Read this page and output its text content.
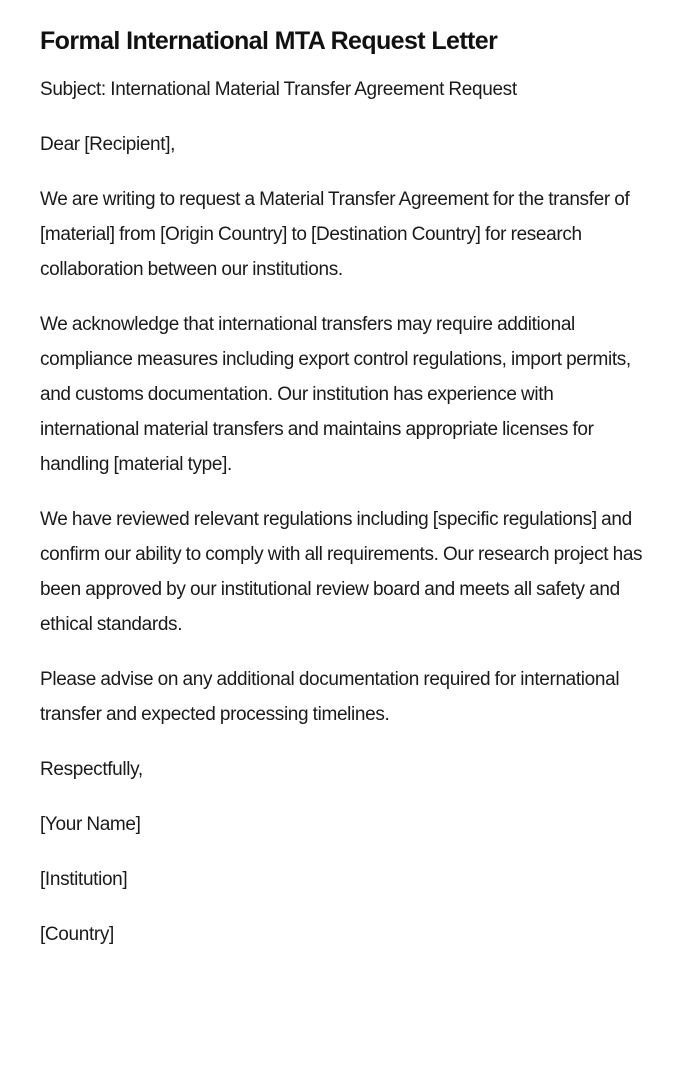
Formal International MTA Request Letter

Subject: International Material Transfer Agreement Request

Dear [Recipient],

We are writing to request a Material Transfer Agreement for the transfer of [material] from [Origin Country] to [Destination Country] for research collaboration between our institutions.

We acknowledge that international transfers may require additional compliance measures including export control regulations, import permits, and customs documentation. Our institution has experience with international material transfers and maintains appropriate licenses for handling [material type].

We have reviewed relevant regulations including [specific regulations] and confirm our ability to comply with all requirements. Our research project has been approved by our institutional review board and meets all safety and ethical standards.

Please advise on any additional documentation required for international transfer and expected processing timelines.

Respectfully,

[Your Name]

[Institution]

[Country]
